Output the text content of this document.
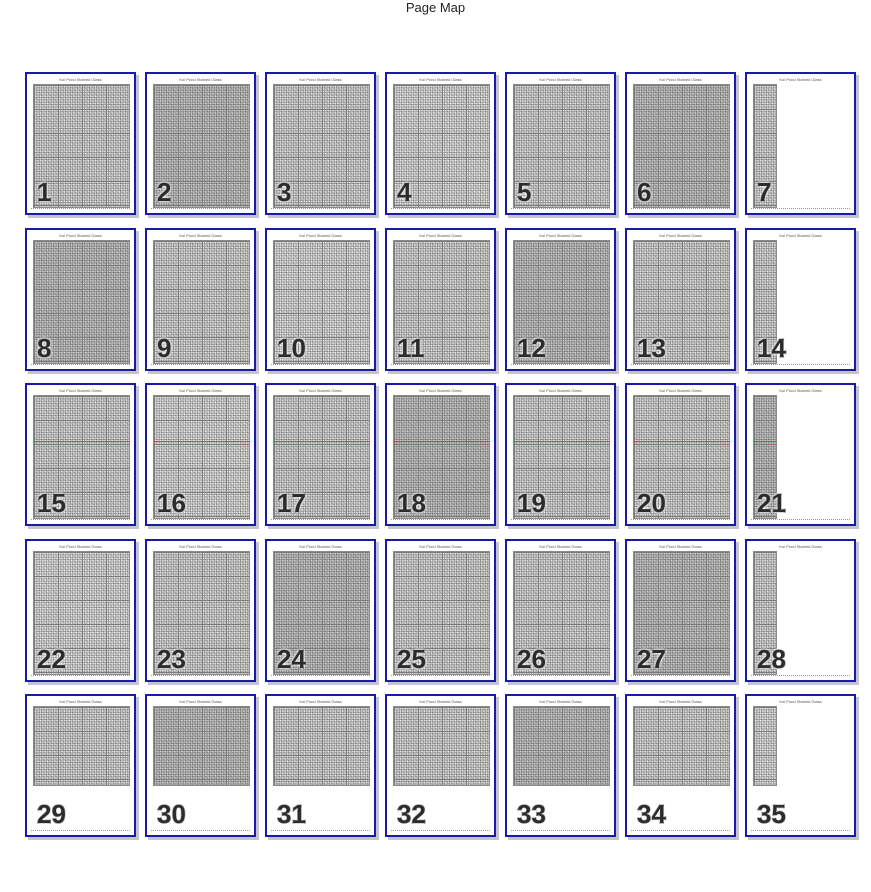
Page Map
Koi Pond Stained Glass
1
Koi Pond Stained Glass
2
Koi Pond Stained Glass
3
Koi Pond Stained Glass
4
Koi Pond Stained Glass
5
Koi Pond Stained Glass
6
Koi Pond Stained Glass
7
Koi Pond Stained Glass
8
Koi Pond Stained Glass
9
Koi Pond Stained Glass
10
Koi Pond Stained Glass
11
Koi Pond Stained Glass
12
Koi Pond Stained Glass
13
Koi Pond Stained Glass
14
Koi Pond Stained Glass
15
Koi Pond Stained Glass
16
Koi Pond Stained Glass
17
Koi Pond Stained Glass
18
Koi Pond Stained Glass
19
Koi Pond Stained Glass
20
Koi Pond Stained Glass
21
Koi Pond Stained Glass
22
Koi Pond Stained Glass
23
Koi Pond Stained Glass
24
Koi Pond Stained Glass
25
Koi Pond Stained Glass
26
Koi Pond Stained Glass
27
Koi Pond Stained Glass
28
Koi Pond Stained Glass
29
Koi Pond Stained Glass
30
Koi Pond Stained Glass
31
Koi Pond Stained Glass
32
Koi Pond Stained Glass
33
Koi Pond Stained Glass
34
Koi Pond Stained Glass
35
